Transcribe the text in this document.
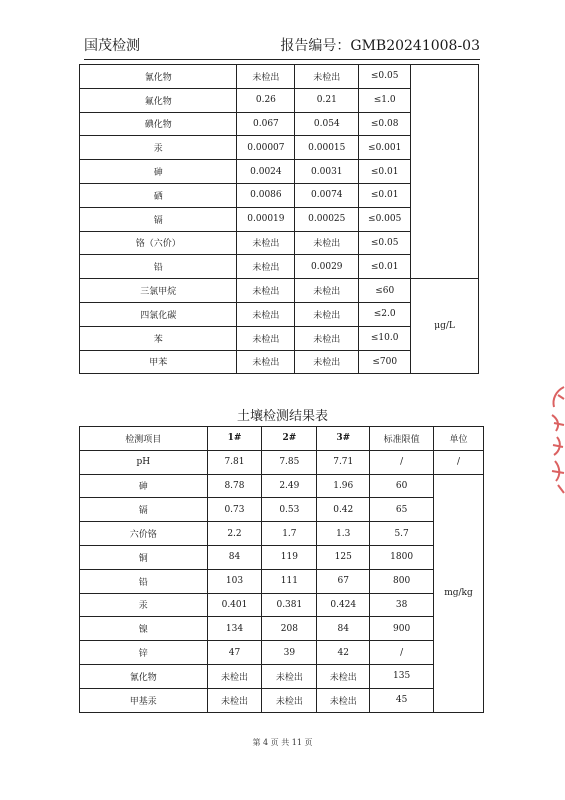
国茂检测	报告编号：GMB20241008-03
氰化物	未检出	未检出	≤0.05	
氟化物	0.26	0.21	≤1.0	
碘化物	0.067	0.054	≤0.08	
汞	0.00007	0.00015	≤0.001	
砷	0.0024	0.0031	≤0.01	
硒	0.0086	0.0074	≤0.01	
镉	0.00019	0.00025	≤0.005	
铬（六价）	未检出	未检出	≤0.05	
铅	未检出	0.0029	≤0.01	
三氯甲烷	未检出	未检出	≤60	μg/L
四氯化碳	未检出	未检出	≤2.0	
苯	未检出	未检出	≤10.0	
甲苯	未检出	未检出	≤700	
土壤检测结果表
检测项目	1#	2#	3#	标准限值	单位
pH	7.81	7.85	7.71	/	/
砷	8.78	2.49	1.96	60	mg/kg
镉	0.73	0.53	0.42	65	
六价铬	2.2	1.7	1.3	5.7	
铜	84	119	125	1800	
铅	103	111	67	800	
汞	0.401	0.381	0.424	38	
镍	134	208	84	900	
锌	47	39	42	/	
氰化物	未检出	未检出	未检出	135	
甲基汞	未检出	未检出	未检出	45	
第 4 页 共 11 页
